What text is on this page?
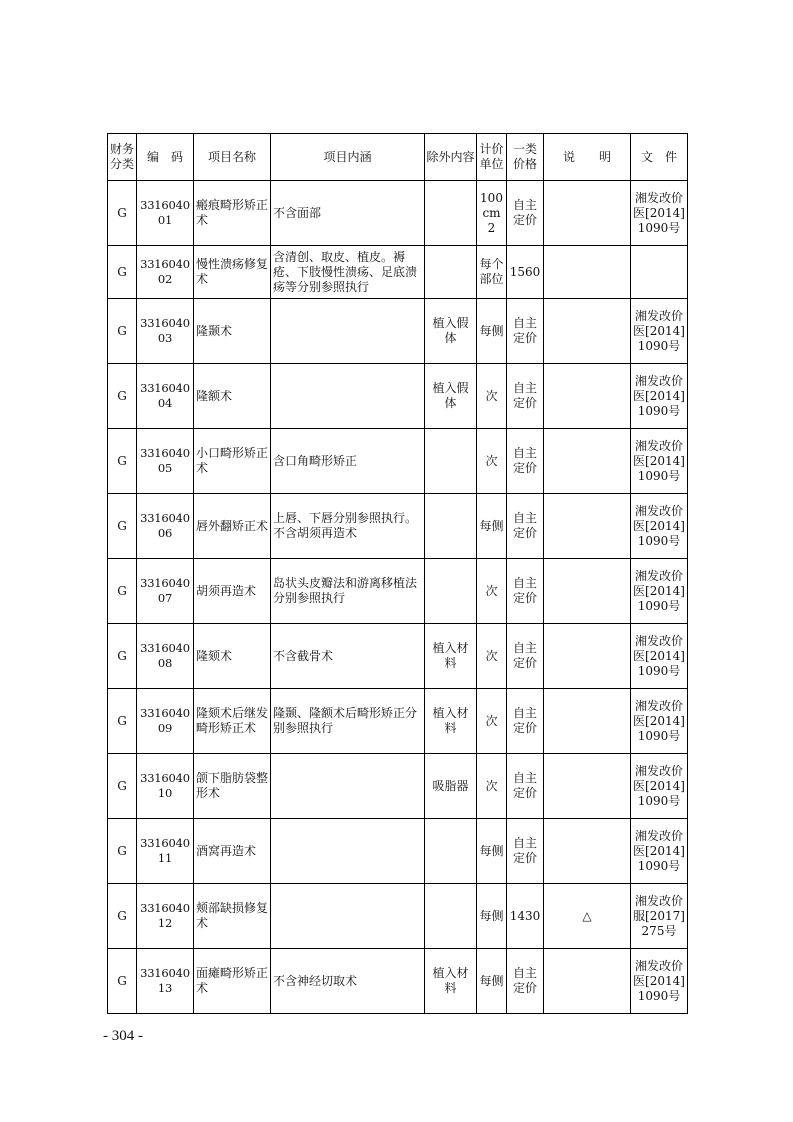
财务分类	编　码	项目名称	项目内涵	除外内容	计价单位	一类价格	说　　明	文　件
G	331604001	瘢痕畸形矫正术	不含面部		100cm2	自主定价		湘发改价医[2014]1090号
G	331604002	慢性溃疡修复术	含清创、取皮、植皮。褥疮、下肢慢性溃疡、足底溃疡等分别参照执行		每个部位	1560		
G	331604003	隆颞术		植入假体	每侧	自主定价		湘发改价医[2014]1090号
G	331604004	隆额术		植入假体	次	自主定价		湘发改价医[2014]1090号
G	331604005	小口畸形矫正术	含口角畸形矫正		次	自主定价		湘发改价医[2014]1090号
G	331604006	唇外翻矫正术	上唇、下唇分别参照执行。不含胡须再造术		每侧	自主定价		湘发改价医[2014]1090号
G	331604007	胡须再造术	岛状头皮瓣法和游离移植法分别参照执行		次	自主定价		湘发改价医[2014]1090号
G	331604008	隆颏术	不含截骨术	植入材料	次	自主定价		湘发改价医[2014]1090号
G	331604009	隆颏术后继发畸形矫正术	隆颞、隆额术后畸形矫正分别参照执行	植入材料	次	自主定价		湘发改价医[2014]1090号
G	331604010	颌下脂肪袋整形术		吸脂器	次	自主定价		湘发改价医[2014]1090号
G	331604011	酒窝再造术			每侧	自主定价		湘发改价医[2014]1090号
G	331604012	颊部缺损修复术			每侧	1430	△	湘发改价服[2017]275号
G	331604013	面瘫畸形矫正术	不含神经切取术	植入材料	每侧	自主定价		湘发改价医[2014]1090号
- 304 -
